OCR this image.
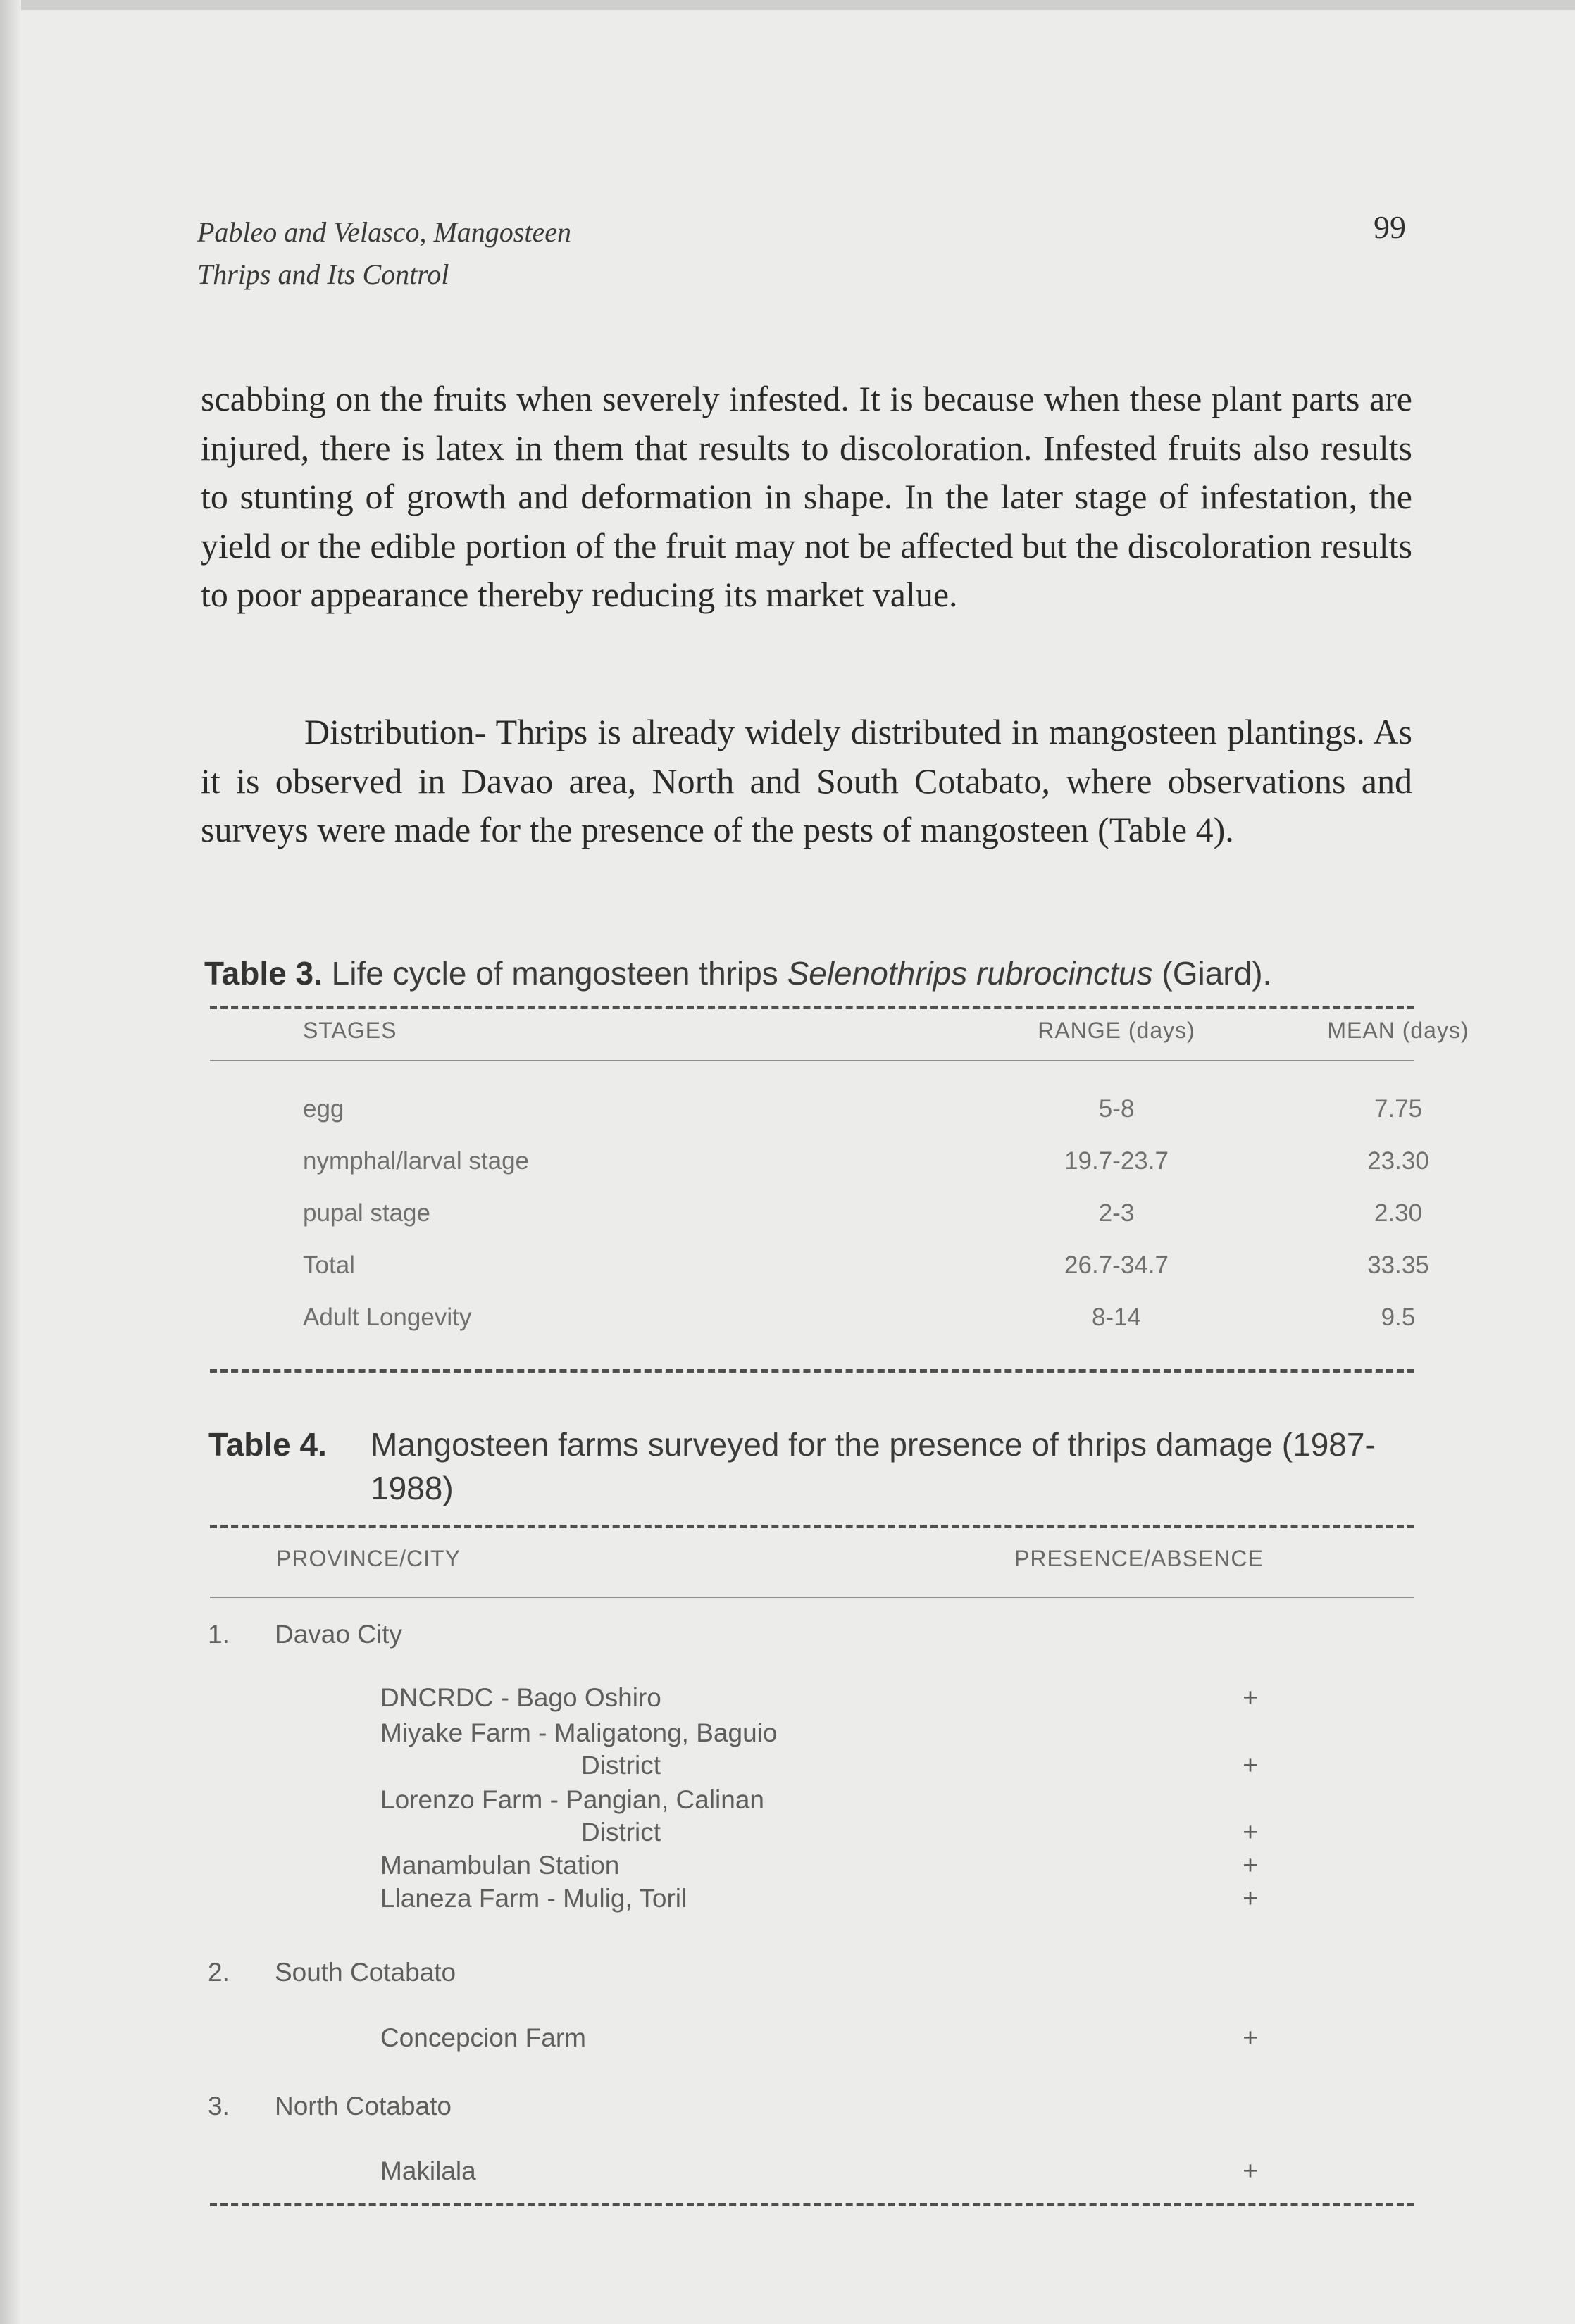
Pableo and Velasco, Mangosteen
Thrips and Its Control
99

scabbing on the fruits when severely infested. It is because when these plant parts are injured, there is latex in them that results to discoloration. Infested fruits also results to stunting of growth and deformation in shape. In the later stage of infestation, the yield or the edible portion of the fruit may not be affected but the discoloration results to poor appearance thereby reducing its market value.

Distribution- Thrips is already widely distributed in mangosteen plantings. As it is observed in Davao area, North and South Cotabato, where observations and surveys were made for the presence of the pests of mangosteen (Table 4).

Table 3. Life cycle of mangosteen thrips Selenothrips rubrocinctus (Giard).
STAGES	RANGE (days)	MEAN (days)
egg	5-8	7.75
nymphal/larval stage	19.7-23.7	23.30
pupal stage	2-3	2.30
Total	26.7-34.7	33.35
Adult Longevity	8-14	9.5
Table 4. Mangosteen farms surveyed for the presence of thrips damage (1987-1988)
PROVINCE/CITY	PRESENCE/ABSENCE
1. Davao City
DNCRDC - Bago Oshiro	+
Miyake Farm - Maligatong, Baguio
District	+
Lorenzo Farm - Pangian, Calinan
District	+
Manambulan Station	+
Llaneza Farm - Mulig, Toril	+
2. South Cotabato
Concepcion Farm	+
3. North Cotabato
Makilala	+
